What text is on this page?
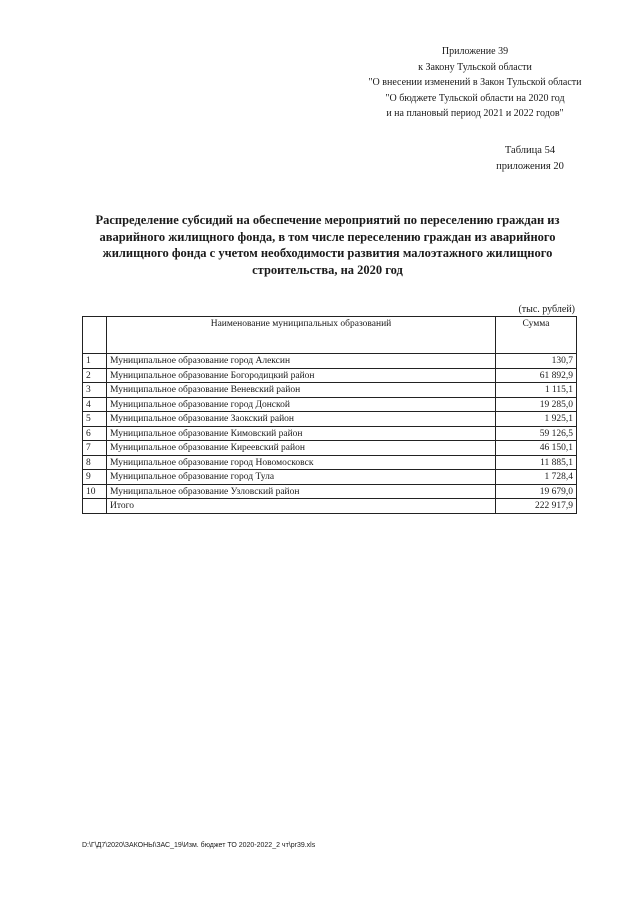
Приложение 39
к Закону Тульской области
"О внесении изменений в Закон Тульской области
"О бюджете Тульской области на 2020 год
и на плановый период 2021 и 2022 годов"
Таблица 54
приложения 20
Распределение субсидий на обеспечение мероприятий по переселению граждан из аварийного жилищного фонда, в том числе переселению граждан из аварийного жилищного фонда с учетом необходимости развития малоэтажного жилищного строительства, на 2020 год
(тыс. рублей)
	Наименование муниципальных образований	Сумма
1	Муниципальное образование город Алексин	130,7
2	Муниципальное образование Богородицкий район	61 892,9
3	Муниципальное образование Веневский район	1 115,1
4	Муниципальное образование город Донской	19 285,0
5	Муниципальное образование Заокский район	1 925,1
6	Муниципальное образование Кимовский район	59 126,5
7	Муниципальное образование Киреевский район	46 150,1
8	Муниципальное образование город Новомосковск	11 885,1
9	Муниципальное образование город Тула	1 728,4
10	Муниципальное образование Узловский район	19 679,0
	Итого	222 917,9
D:\Г\Д7\2020\ЗАКОНЫ\ЗАС_19\Изм. бюджет ТО 2020-2022_2 чт\pr39.xls
